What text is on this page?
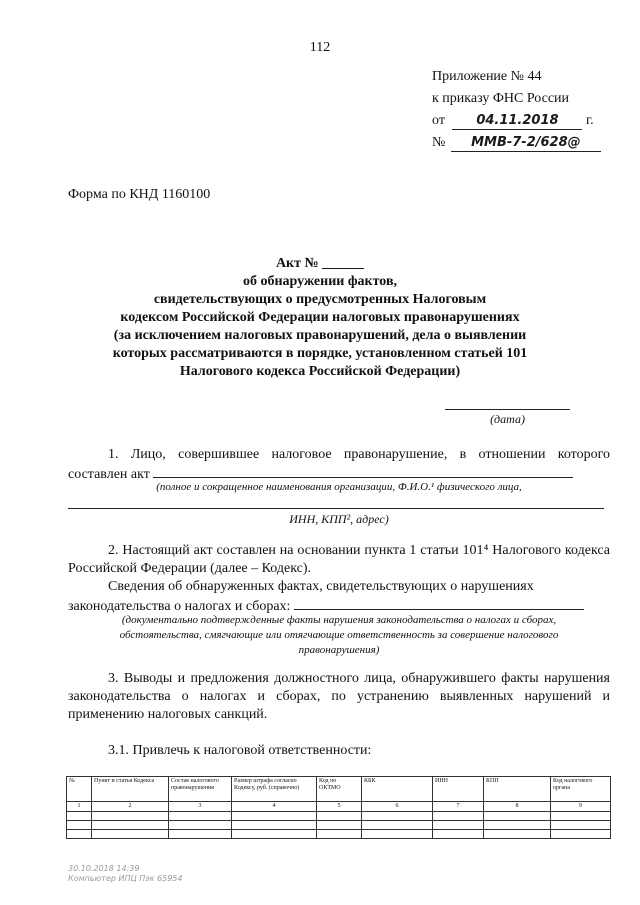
112
Приложение № 44
к приказу ФНС России
от 04.11.2018 г.
№ ММВ-7-2/628@
Форма по КНД 1160100
Акт № ______
об обнаружении фактов,
свидетельствующих о предусмотренных Налоговым
кодексом Российской Федерации налоговых правонарушениях
(за исключением налоговых правонарушений, дела о выявлении
которых рассматриваются в порядке, установленном статьей 101
Налогового кодекса Российской Федерации)
(дата)
1. Лицо, совершившее налоговое правонарушение, в отношении которого составлен акт
(полное и сокращенное наименования организации, Ф.И.О.¹ физического лица,
ИНН, КПП², адрес)
2. Настоящий акт составлен на основании пункта 1 статьи 101⁴ Налогового кодекса Российской Федерации (далее – Кодекс).
Сведения об обнаруженных фактах, свидетельствующих о нарушениях
законодательства о налогах и сборах:
(документально подтвержденные факты нарушения законодательства о налогах и сборах,
обстоятельства, смягчающие или отягчающие ответственность за совершение налогового
правонарушения)
3. Выводы и предложения должностного лица, обнаружившего факты нарушения законодательства о налогах и сборах, по устранению выявленных нарушений и применению налоговых санкций.
3.1. Привлечь к налоговой ответственности:
№	Пункт и статья Кодекса	Состав налогового правонарушения	Размер штрафа согласно Кодексу, руб. (справочно)	Код по ОКТМО	КБК	ИНН	КПП	Код налогового органа
1	2	3	4	5	6	7	8	9

30.10.2018 14:39
Компьютер ИПЦ Пэк 65954
